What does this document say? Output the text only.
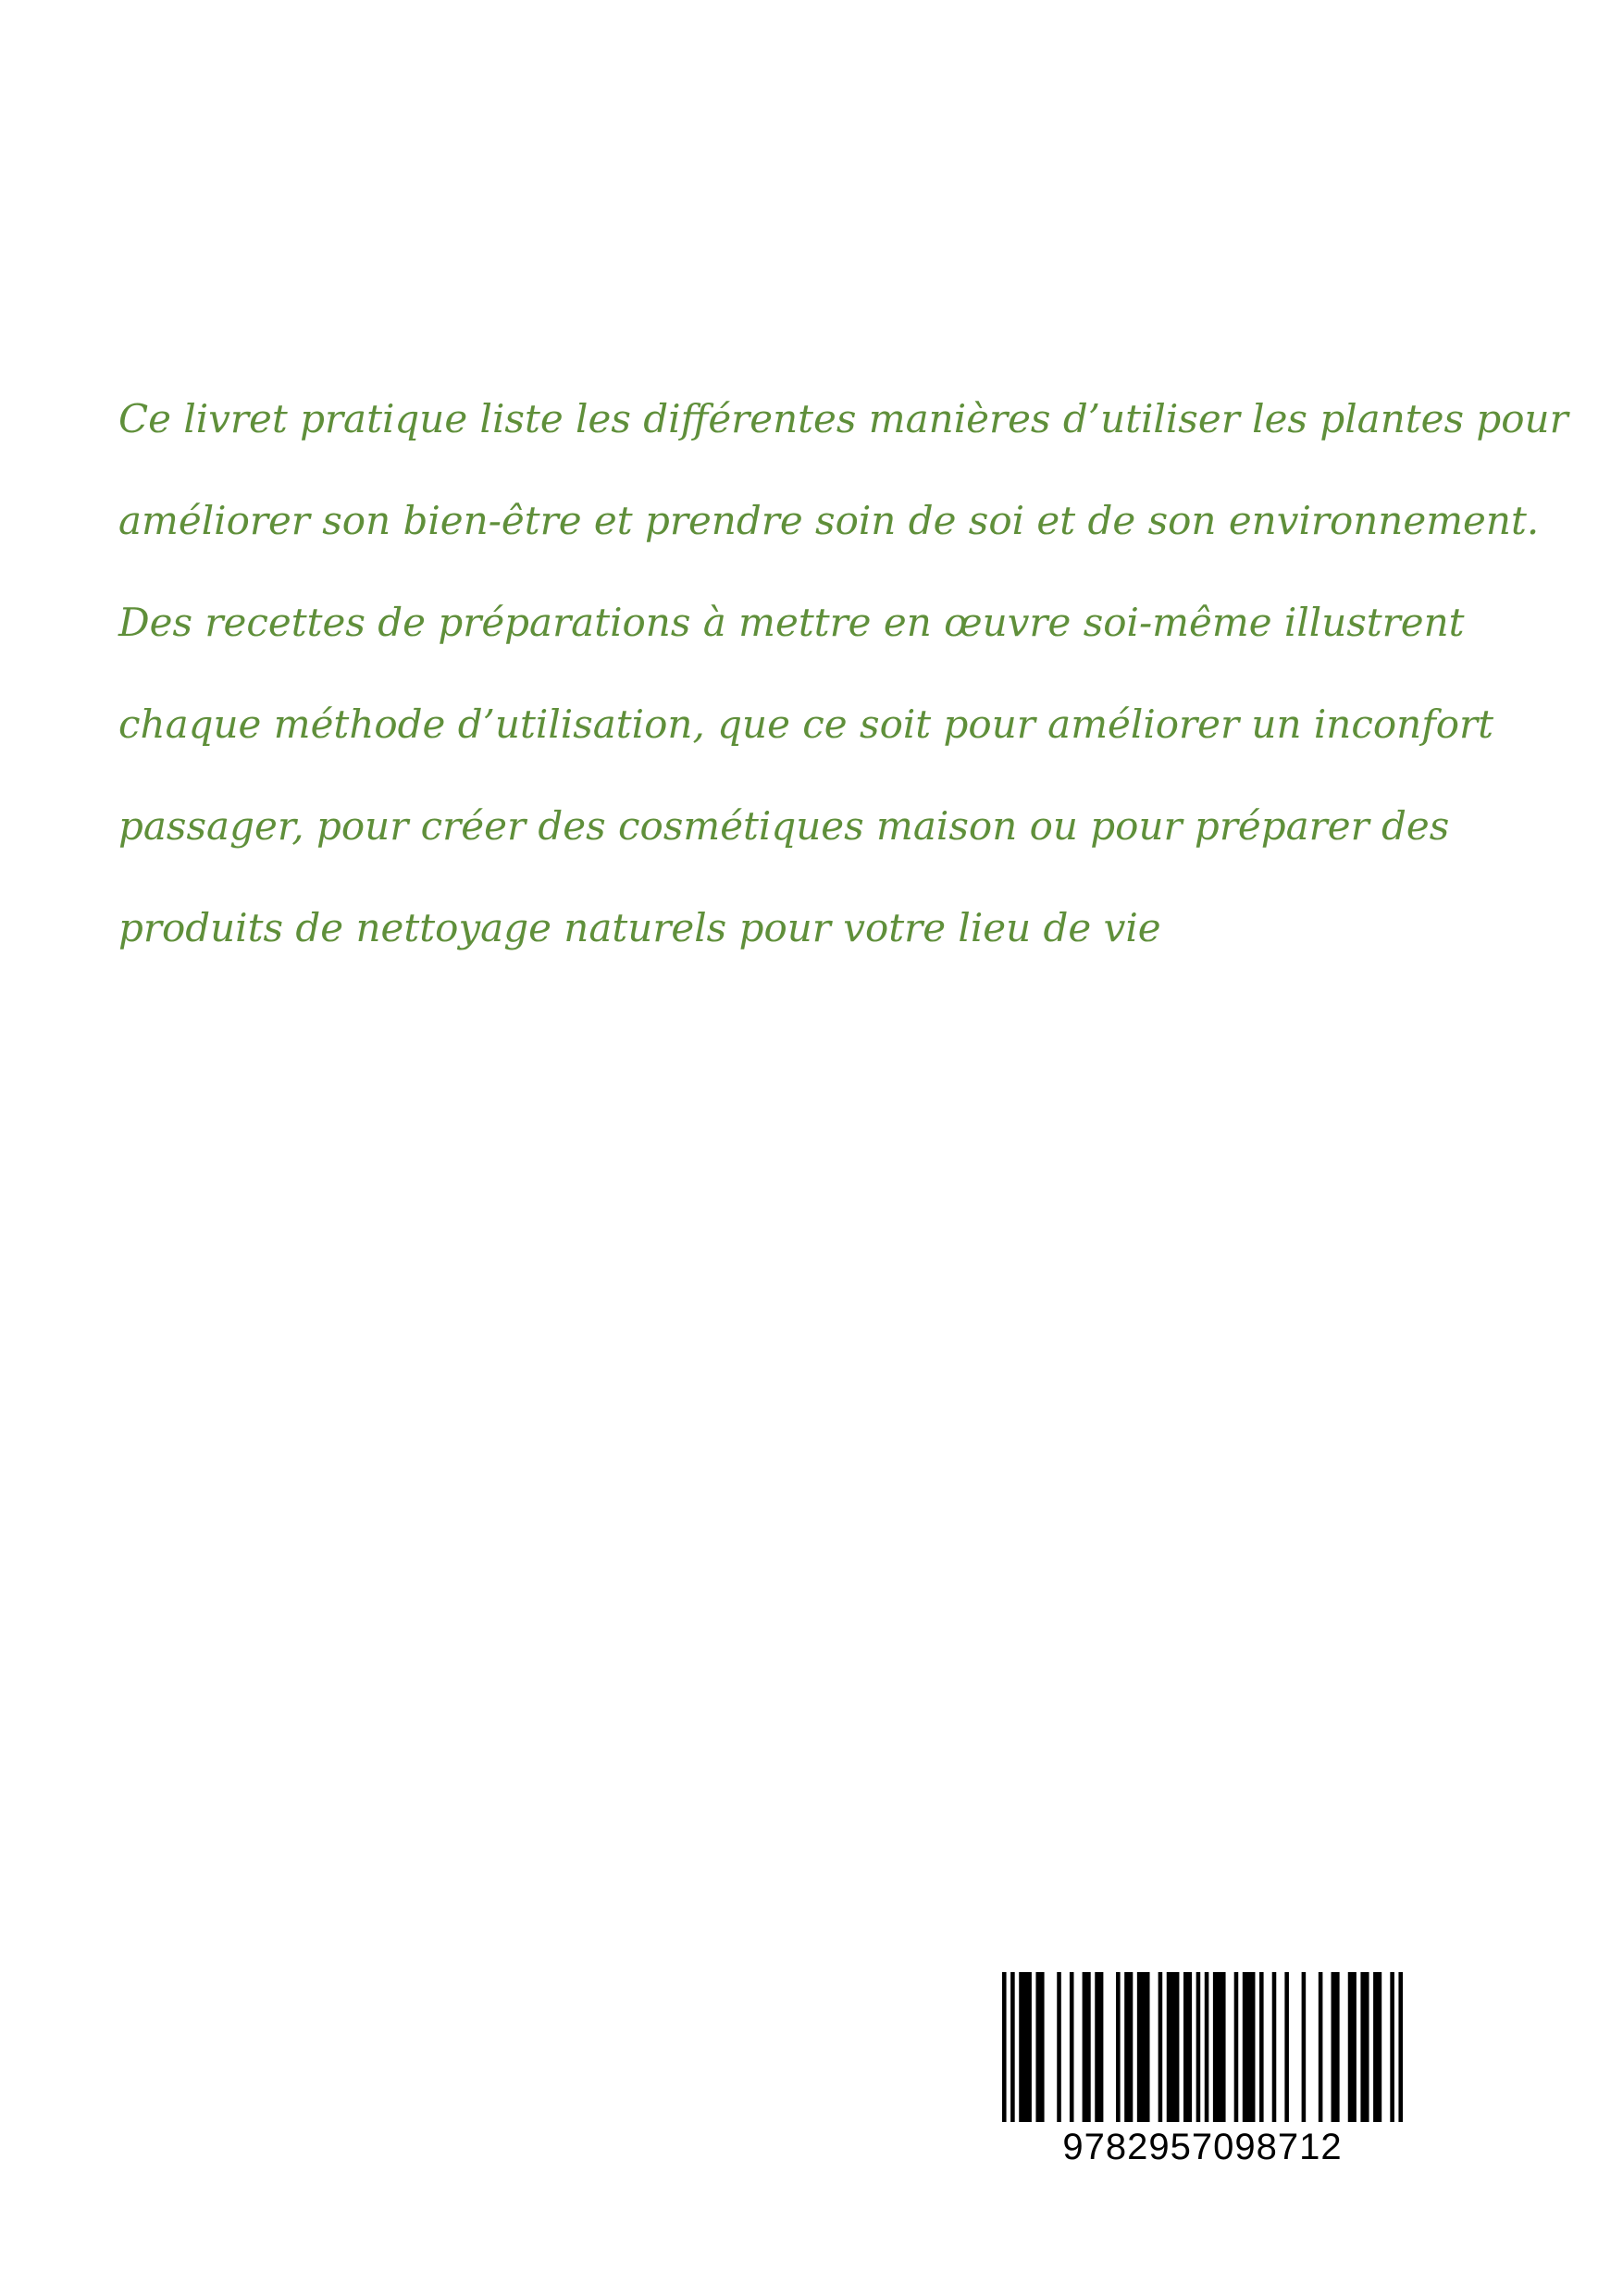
Ce livret pratique liste les différentes manières d’utiliser les plantes pour
améliorer son bien-être et prendre soin de soi et de son environnement.
Des recettes de préparations à mettre en œuvre soi-même illustrent
chaque méthode d’utilisation, que ce soit pour améliorer un inconfort
passager, pour créer des cosmétiques maison ou pour préparer des
produits de nettoyage naturels pour votre lieu de vie

9782957098712
